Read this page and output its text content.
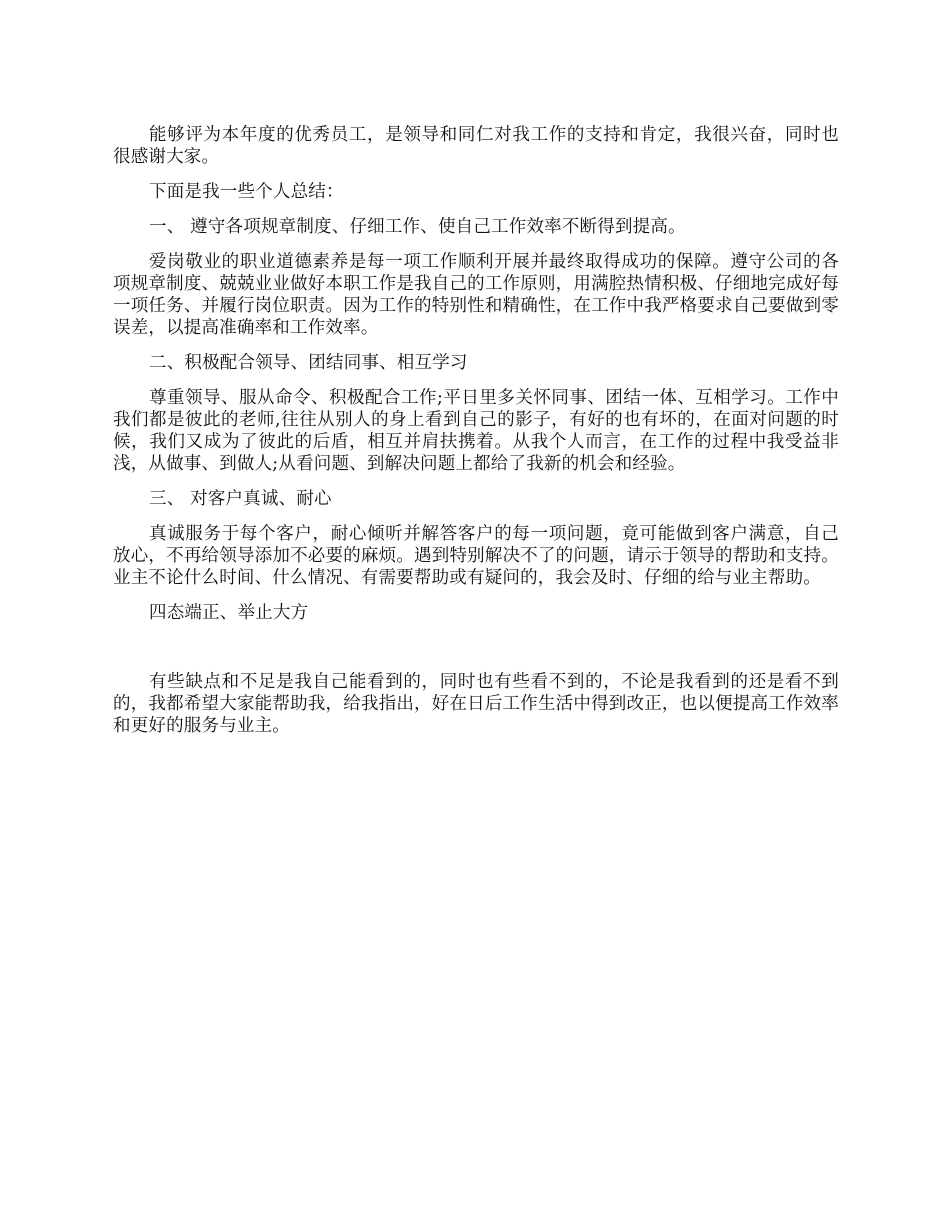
能够评为本年度的优秀员工，是领导和同仁对我工作的支持和肯定，我很兴奋，同时也很感谢大家。

下面是我一些个人总结：

一、 遵守各项规章制度、仔细工作、使自己工作效率不断得到提高。

爱岗敬业的职业道德素养是每一项工作顺利开展并最终取得成功的保障。遵守公司的各项规章制度、兢兢业业做好本职工作是我自己的工作原则，用满腔热情积极、仔细地完成好每一项任务、并履行岗位职责。因为工作的特别性和精确性，在工作中我严格要求自己要做到零误差，以提高准确率和工作效率。

二、积极配合领导、团结同事、相互学习

尊重领导、服从命令、积极配合工作;平日里多关怀同事、团结一体、互相学习。工作中我们都是彼此的老师,往往从别人的身上看到自己的影子，有好的也有坏的，在面对问题的时候，我们又成为了彼此的后盾，相互并肩扶携着。从我个人而言，在工作的过程中我受益非浅，从做事、到做人;从看问题、到解决问题上都给了我新的机会和经验。

三、 对客户真诚、耐心

真诚服务于每个客户，耐心倾听并解答客户的每一项问题，竟可能做到客户满意，自己放心，不再给领导添加不必要的麻烦。遇到特别解决不了的问题，请示于领导的帮助和支持。业主不论什么时间、什么情况、有需要帮助或有疑问的，我会及时、仔细的给与业主帮助。

四态端正、举止大方

有些缺点和不足是我自己能看到的，同时也有些看不到的，不论是我看到的还是看不到的，我都希望大家能帮助我，给我指出，好在日后工作生活中得到改正，也以便提高工作效率和更好的服务与业主。
